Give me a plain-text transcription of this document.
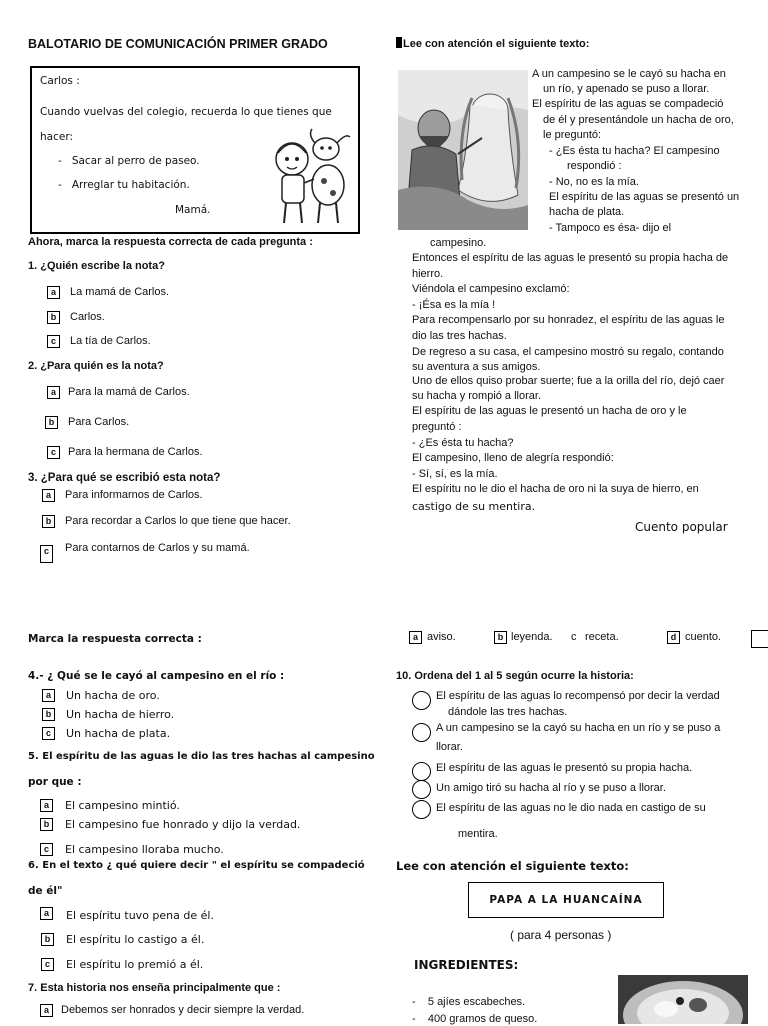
BALOTARIO DE COMUNICACIÓN PRIMER GRADO
Carlos :
Cuando vuelvas del colegio, recuerda lo que tienes que
hacer:
-   Sacar al perro de paseo.
-   Arreglar tu habitación.
Mamá.
Ahora, marca la respuesta correcta de cada pregunta :
1. ¿Quién escribe la nota?
a	La mamá de Carlos.
b	Carlos.
c	La tía de Carlos.
2. ¿Para quién es la nota?
a	Para la mamá de Carlos.
b	Para Carlos.
c	Para la hermana de Carlos.
3. ¿Para qué se escribió esta nota?
a	Para informarnos de Carlos.
b	Para recordar a Carlos lo que tiene que hacer.
c	Para contarnos de Carlos y su mamá.
Lee con atención el siguiente texto:
A un campesino se le cayó su hacha en
un río, y apenado se puso a llorar.
El espíritu de las aguas se compadeció
de él y presentándole un hacha de oro,
le preguntó:
- ¿Es ésta tu hacha? El campesino
respondió :
- No, no es la mía.
El espíritu de las aguas se presentó un
hacha de plata.
- Tampoco es ésa- dijo el
campesino.
Entonces el espíritu de las aguas le presentó su propia hacha de
hierro.
Viéndola el campesino exclamó:
- ¡Ésa es la mía !
Para recompensarlo por su honradez, el espíritu de las aguas le
dio las tres hachas.
De regreso a su casa, el campesino mostró su regalo, contando
su aventura a sus amigos.
Uno de ellos quiso probar suerte; fue a la orilla del río, dejó caer
su hacha y rompió a llorar.
El espíritu de las aguas le presentó un hacha de oro y le
preguntó :
- ¿Es ésta tu hacha?
El campesino, lleno de alegría respondió:
- Sí, sí, es la mía.
El espíritu no le dio el hacha de oro ni la suya de hierro, en
castigo de su mentira.
Cuento popular
Marca la respuesta correcta :	a aviso.	b leyenda. c receta.	d cuento.
4.- ¿ Qué se le cayó al campesino en el río :
a	Un hacha de oro.
b	Un hacha de hierro.
c	Un hacha de plata.
5. El espíritu de las aguas le dio las tres hachas al campesino
por que :
a	El campesino mintió.
b	El campesino fue honrado y dijo la verdad.
c	El campesino lloraba mucho.
6. En el texto ¿ qué quiere decir " el espíritu se compadeció
de él"
a	El espíritu tuvo pena de él.
b	El espíritu lo castigo a él.
c	El espíritu lo premió a él.
7. Esta historia nos enseña principalmente que :
a	Debemos ser honrados y decir siempre la verdad.
10. Ordena del 1 al 5 según ocurre la historia:
El espíritu de las aguas lo recompensó por decir la verdad
dándole las tres hachas.
A un campesino se la cayó su hacha en un río y se puso a
llorar.
El espíritu de las aguas le presentó su propia hacha.
Un amigo tiró su hacha al río y se puso a llorar.
El espíritu de las aguas no le dio nada en castigo de su
mentira.
Lee con atención el siguiente texto:
PAPA A LA HUANCAÍNA
( para 4 personas )
INGREDIENTES:
-    5 ajíes escabeches.
-    400 gramos de queso.
